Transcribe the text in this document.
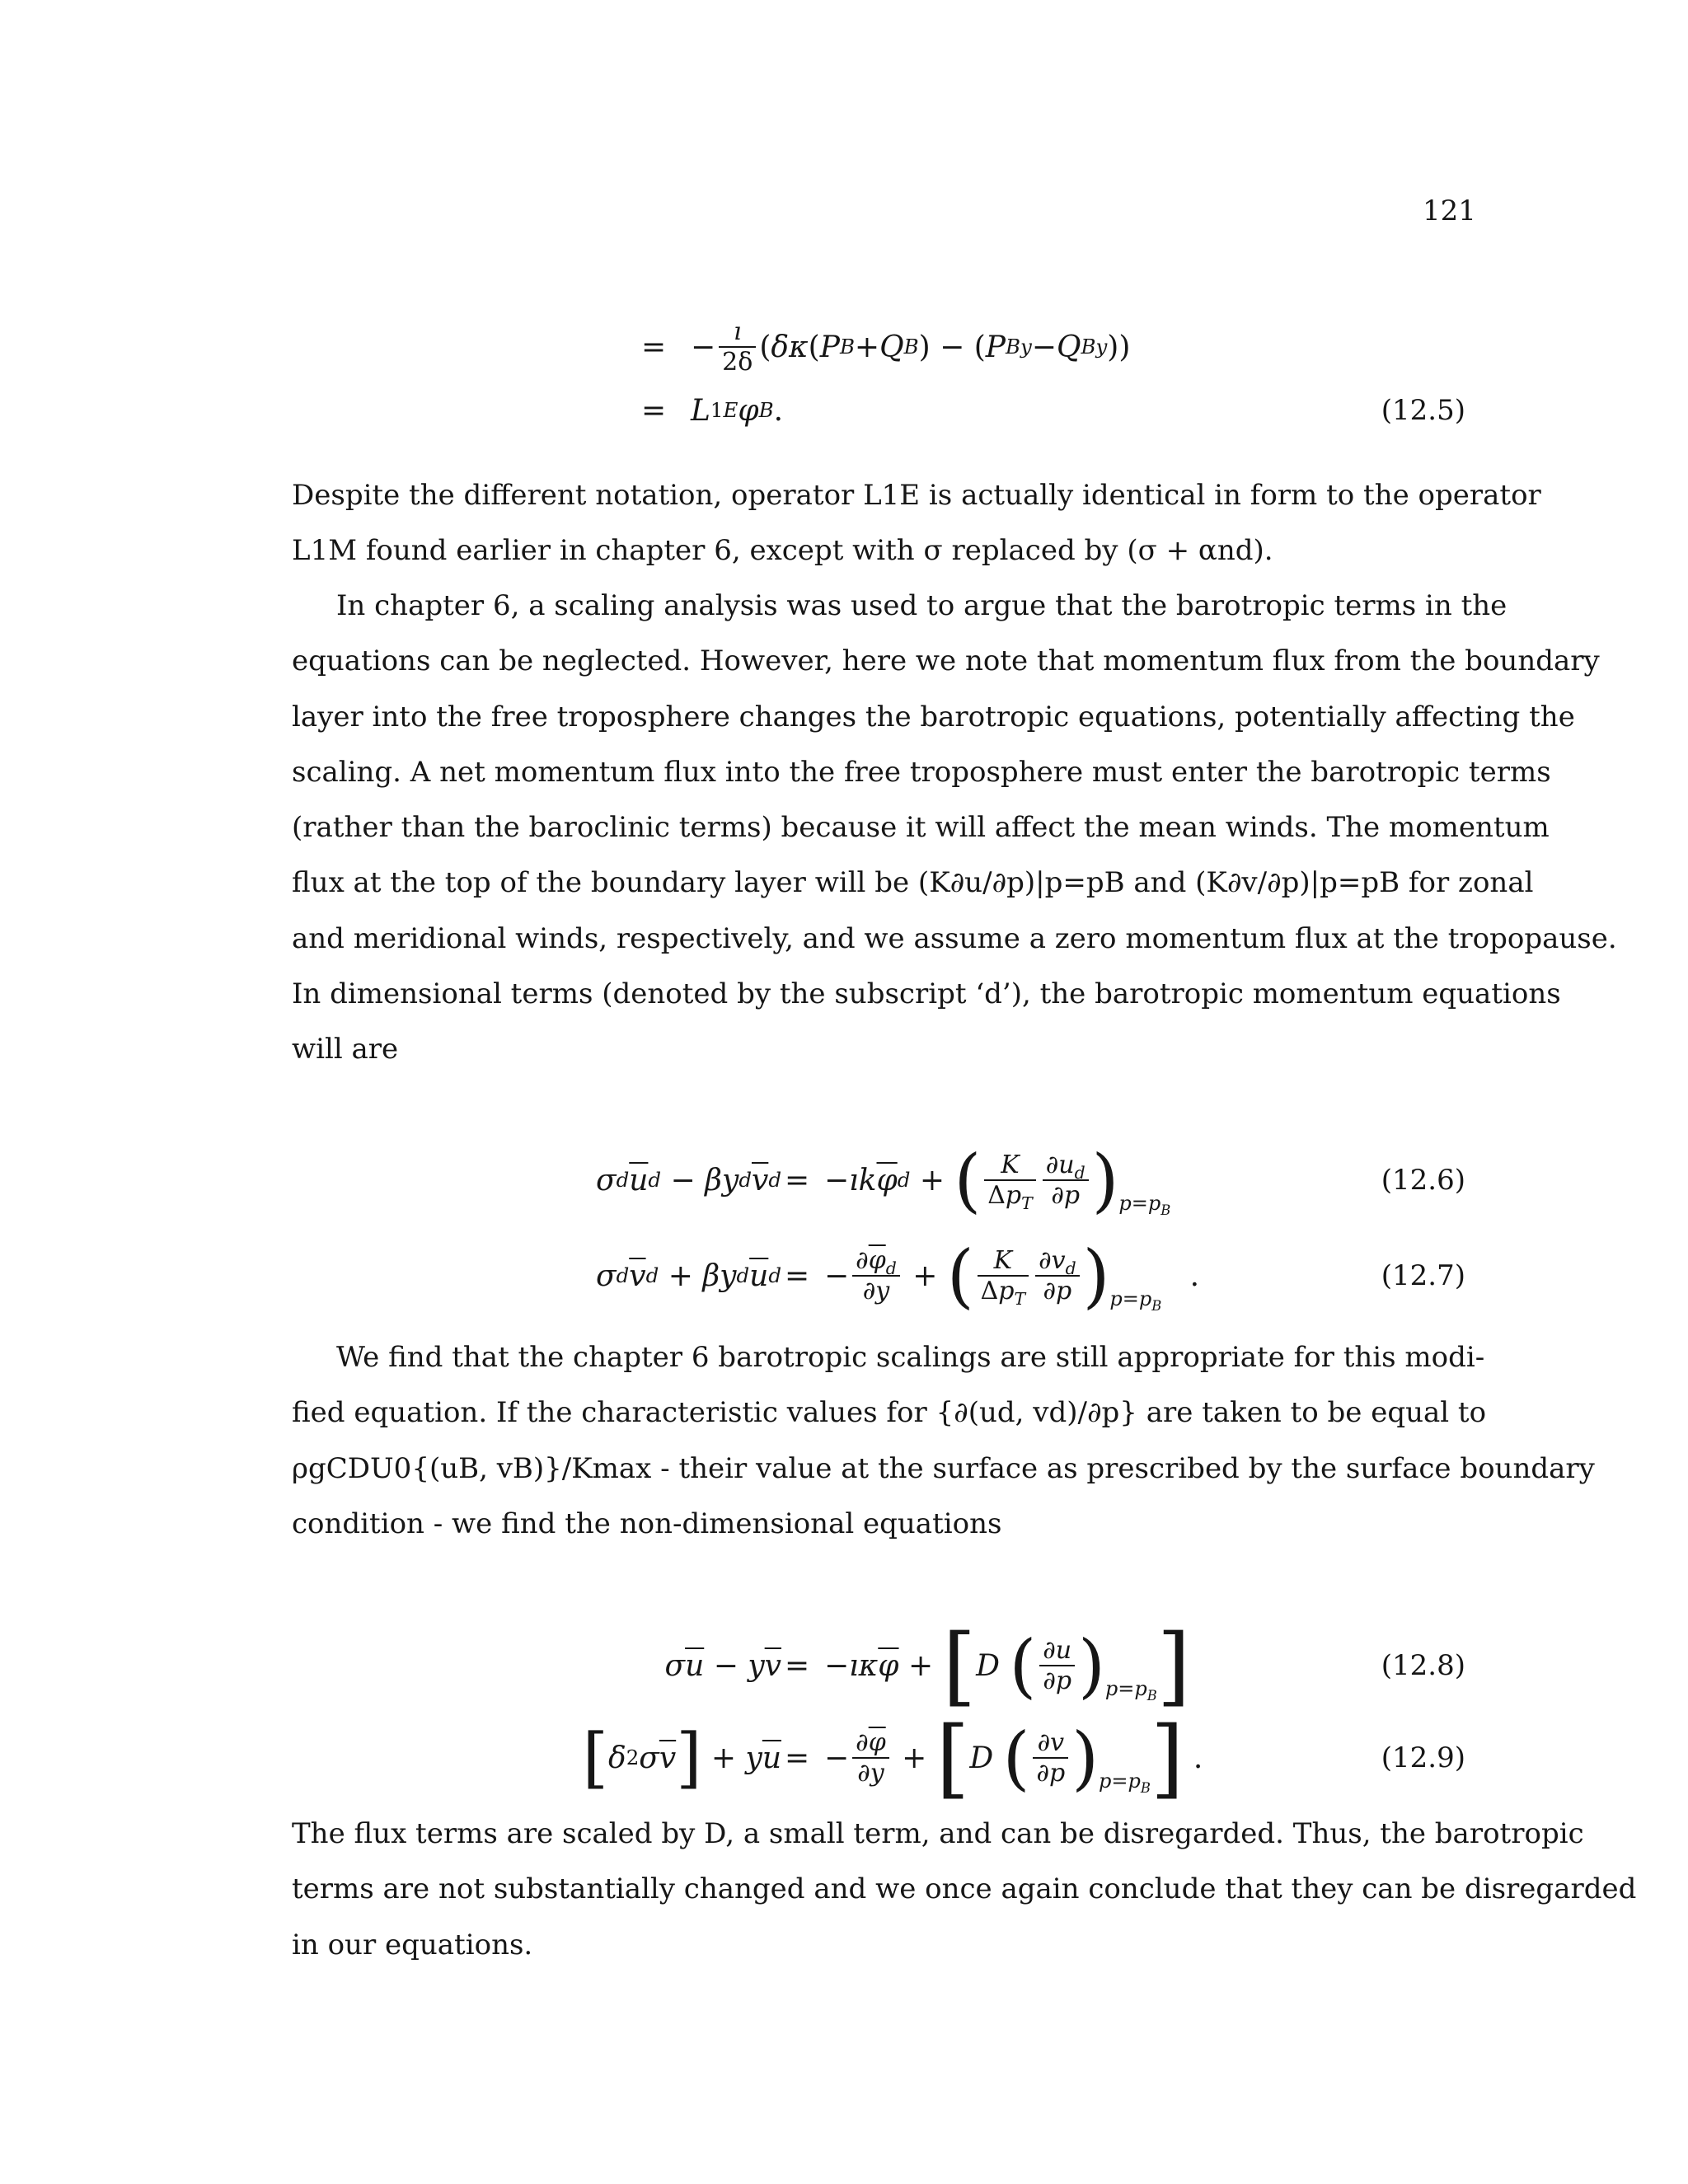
121
= − $\frac{ı}{2\delta}$ ( δκ ( P B + Q B ) − ( P By − Q By ))
= L 1E φ B .	(12.5)
Despite the different notation, operator L1E is actually identical in form to the operator
L1M found earlier in chapter 6, except with σ replaced by (σ + αnd).
In chapter 6, a scaling analysis was used to argue that the barotropic terms in the
equations can be neglected. However, here we note that momentum flux from the boundary
layer into the free troposphere changes the barotropic equations, potentially affecting the
scaling. A net momentum flux into the free troposphere must enter the barotropic terms
(rather than the baroclinic terms) because it will affect the mean winds. The momentum
flux at the top of the boundary layer will be (K∂u/∂p)|p=pB and (K∂v/∂p)|p=pB for zonal
and meridional winds, respectively, and we assume a zero momentum flux at the tropopause.
In dimensional terms (denoted by the subscript ‘d’), the barotropic momentum equations
will are
σ d $\overline{u}$ d − βy d $\overline{v}$ d = − ık $\overline{\varphi}$ d + ( $\frac{K}{\Delta p_T} \frac{\partial u_d}{\partial p}$ ) $p=p_B$
(12.6)
σ d $\overline{v}$ d + βy d $\overline{u}$ d = − $\frac{\partial\overline{\varphi}_d}{\partial y}$ + ( $\frac{K}{\Delta p_T} \frac{\partial v_d}{\partial p}$ ) $p=p_B$
.	(12.7)
We find that the chapter 6 barotropic scalings are still appropriate for this modi-
fied equation. If the characteristic values for {∂(ud, vd)/∂p} are taken to be equal to
ρgCDU0{(uB, vB)}/Kmax - their value at the surface as prescribed by the surface boundary
condition - we find the non-dimensional equations
σ $\overline{u} - y$ $\overline{v}$ = − ıκ $\overline{\varphi}$ + [ D
( $\frac{\partial u}{\partial p}$ ) $p=p_B$ ]	(12.8)
[ δ 2 σ $\overline{v}$ ] + y $\overline{u}$ = − $\frac{\partial\overline{\varphi}}{\partial y}$ + [ D
( $\frac{\partial v}{\partial p}$ ) $p=p_B$ ] .	(12.9)
The flux terms are scaled by D, a small term, and can be disregarded. Thus, the barotropic
terms are not substantially changed and we once again conclude that they can be disregarded
in our equations.
